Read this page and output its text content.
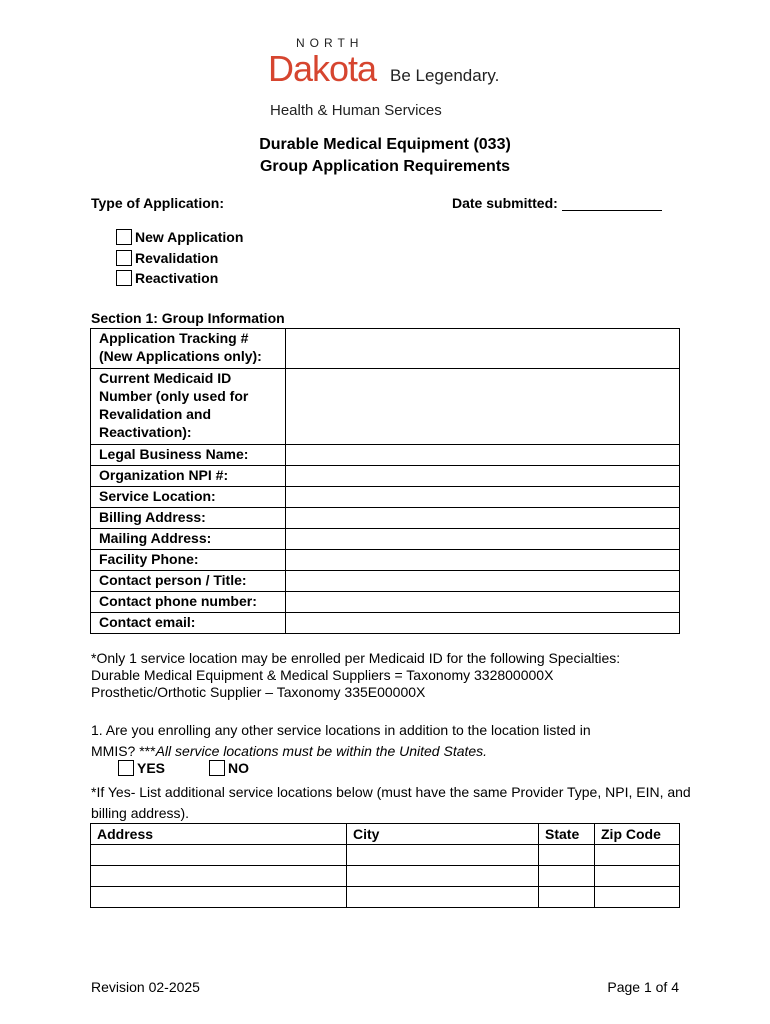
NORTH
Dakota Be Legendary.
Health & Human Services
Durable Medical Equipment (033)
Group Application Requirements
Type of Application:	Date submitted:
New Application
Revalidation
Reactivation
Section 1: Group Information
Application Tracking # (New Applications only):	
Current Medicaid ID Number (only used for Revalidation and Reactivation):	
Legal Business Name:	
Organization NPI #:	
Service Location:	
Billing Address:	
Mailing Address:	
Facility Phone:	
Contact person / Title:	
Contact phone number:	
Contact email:	
*Only 1 service location may be enrolled per Medicaid ID for the following Specialties:
Durable Medical Equipment & Medical Suppliers = Taxonomy 332800000X
Prosthetic/Orthotic Supplier – Taxonomy 335E00000X
1. Are you enrolling any other service locations in addition to the location listed in
MMIS? ***All service locations must be within the United States.
YES	NO
*If Yes- List additional service locations below (must have the same Provider Type, NPI, EIN, and billing address).
Address	City	State	Zip Code

Revision 02-2025	Page 1 of 4
